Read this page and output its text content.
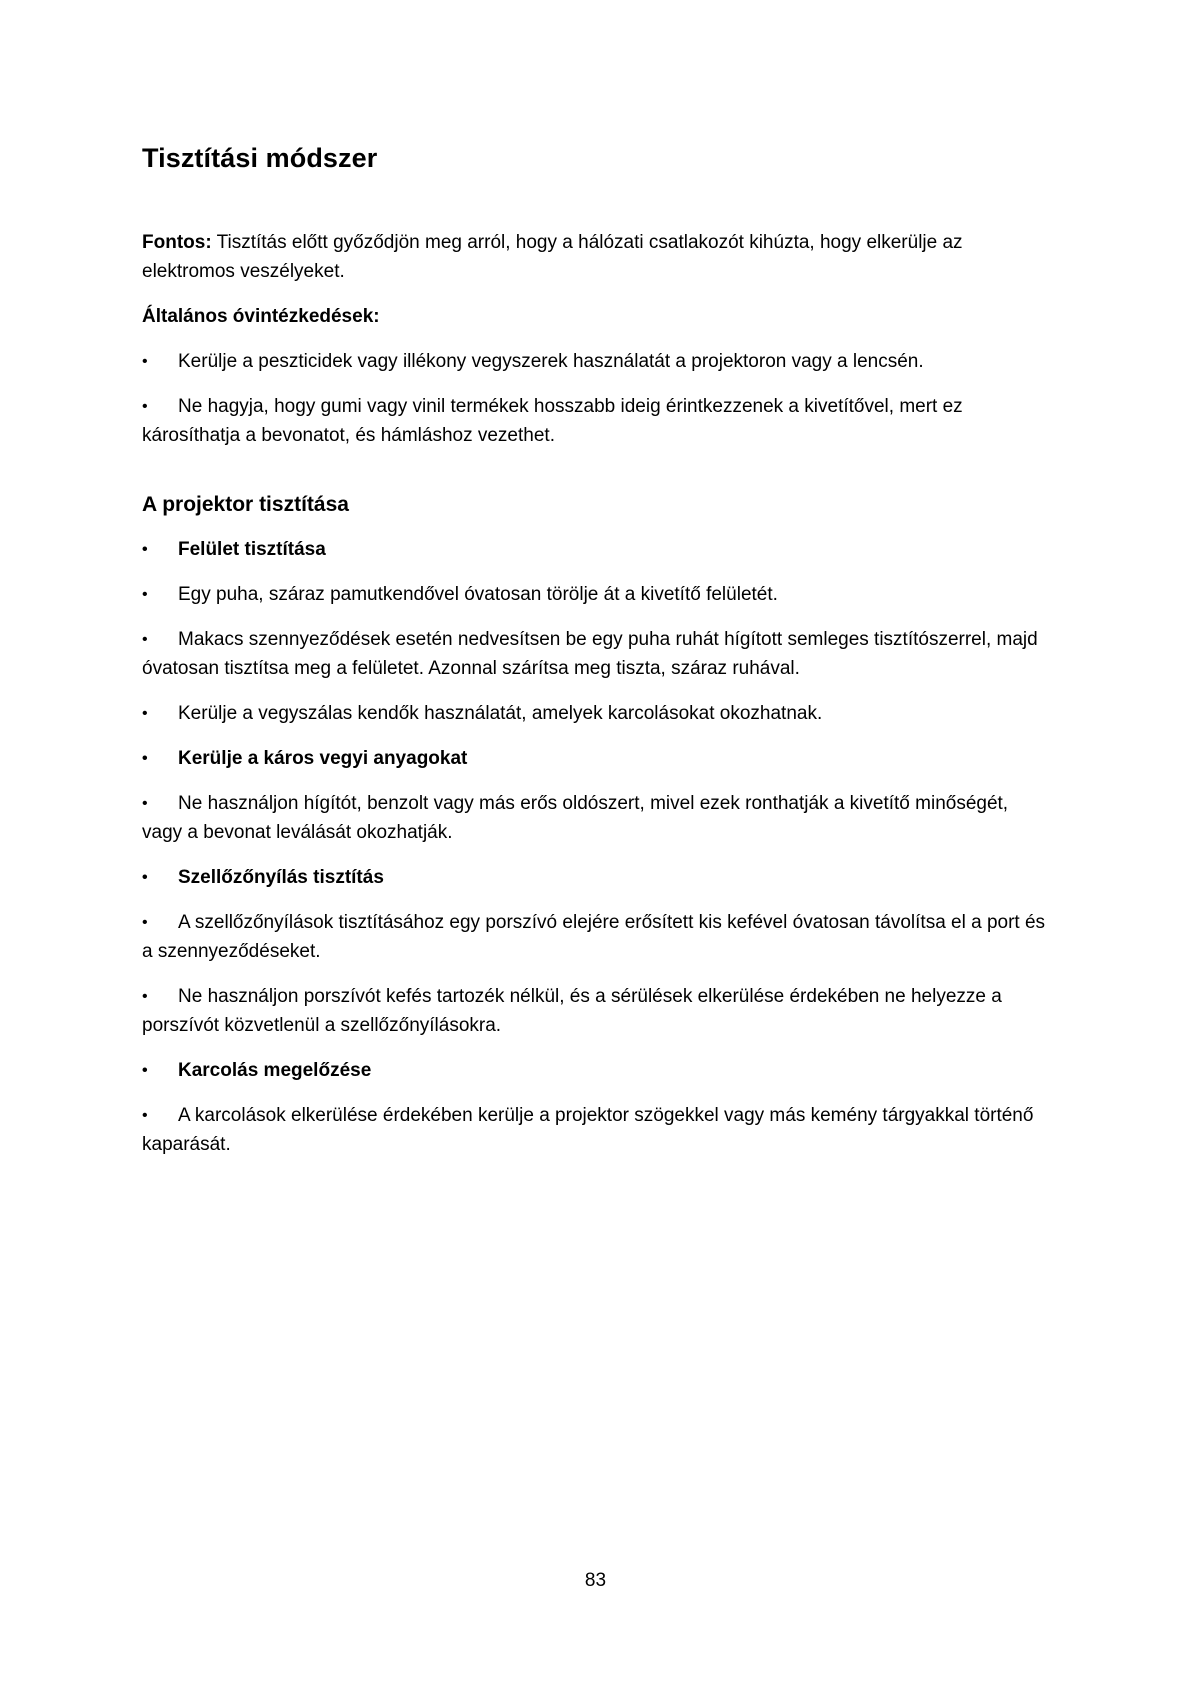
Tisztítási módszer

Fontos: Tisztítás előtt győződjön meg arról, hogy a hálózati csatlakozót kihúzta, hogy elkerülje az elektromos veszélyeket.

Általános óvintézkedések:

• Kerülje a peszticidek vagy illékony vegyszerek használatát a projektoron vagy a lencsén.

• Ne hagyja, hogy gumi vagy vinil termékek hosszabb ideig érintkezzenek a kivetítővel, mert ez károsíthatja a bevonatot, és hámláshoz vezethet.

A projektor tisztítása

• Felület tisztítása

• Egy puha, száraz pamutkendővel óvatosan törölje át a kivetítő felületét.

• Makacs szennyeződések esetén nedvesítsen be egy puha ruhát hígított semleges tisztítószerrel, majd óvatosan tisztítsa meg a felületet. Azonnal szárítsa meg tiszta, száraz ruhával.

• Kerülje a vegyszálas kendők használatát, amelyek karcolásokat okozhatnak.

• Kerülje a káros vegyi anyagokat

• Ne használjon hígítót, benzolt vagy más erős oldószert, mivel ezek ronthatják a kivetítő minőségét, vagy a bevonat leválását okozhatják.

• Szellőzőnyílás tisztítás

• A szellőzőnyílások tisztításához egy porszívó elejére erősített kis kefével óvatosan távolítsa el a port és a szennyeződéseket.

• Ne használjon porszívót kefés tartozék nélkül, és a sérülések elkerülése érdekében ne helyezze a porszívót közvetlenül a szellőzőnyílásokra.

• Karcolás megelőzése

• A karcolások elkerülése érdekében kerülje a projektor szögekkel vagy más kemény tárgyakkal történő kaparását.

83
